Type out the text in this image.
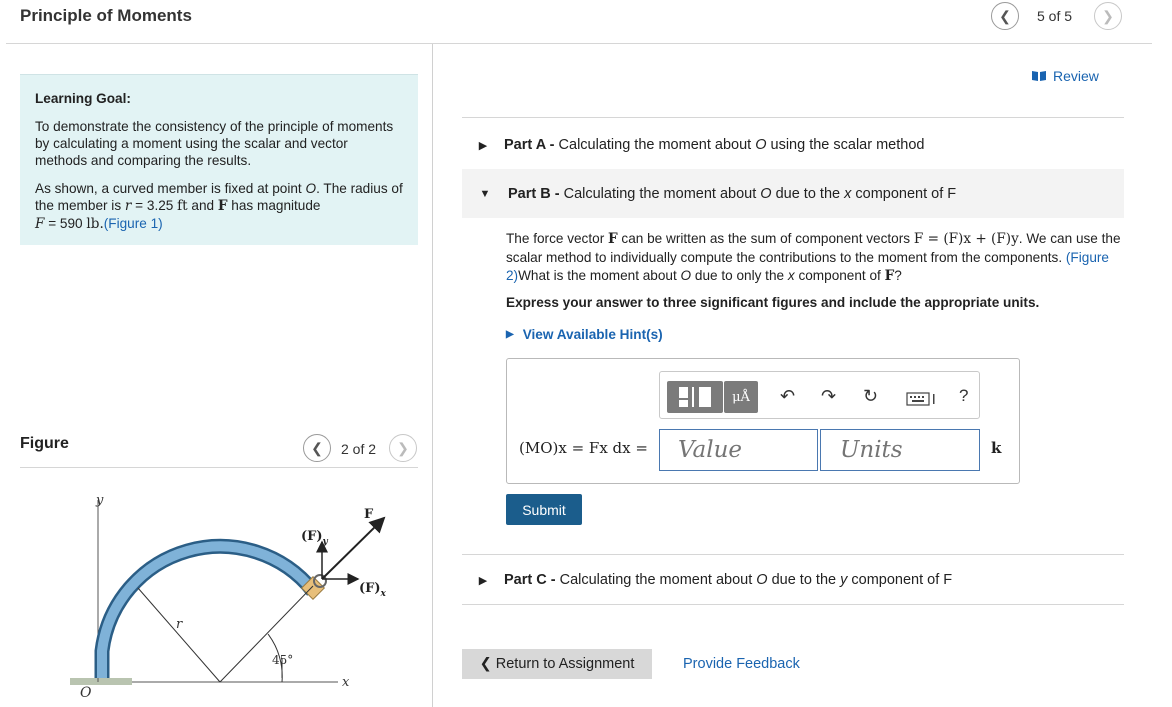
Principle of Moments	❮ 5 of 5 ❯
Learning Goal:
To demonstrate the consistency of the principle of moments by calculating a moment using the scalar and vector methods and comparing the results.
As shown, a curved member is fixed at point O. The radius of the member is r = 3.25 ft and F has magnitude
F = 590 lb.(Figure 1)
Figure	❮ 2 of 2 ❯
y
x
O
r
45°
F
$(F)_y$
$(F)_x$
Review
▶	Part A - Calculating the moment about O using the scalar method
▼	Part B - Calculating the moment about O due to the x component of F
The force vector F can be written as the sum of component vectors F = (F)x + (F)y. We can use the scalar method to individually compute the contributions to the moment from the components. (Figure 2)What is the moment about O due to only the x component of F?
Express your answer to three significant figures and include the appropriate units.
▶ View Available Hint(s)
μÅ	↶ ↷ ↻	?
(MO)x = Fx dx =
Value
Units	k
Submit
▶	Part C - Calculating the moment about O due to the y component of F
❮ Return to Assignment	Provide Feedback
